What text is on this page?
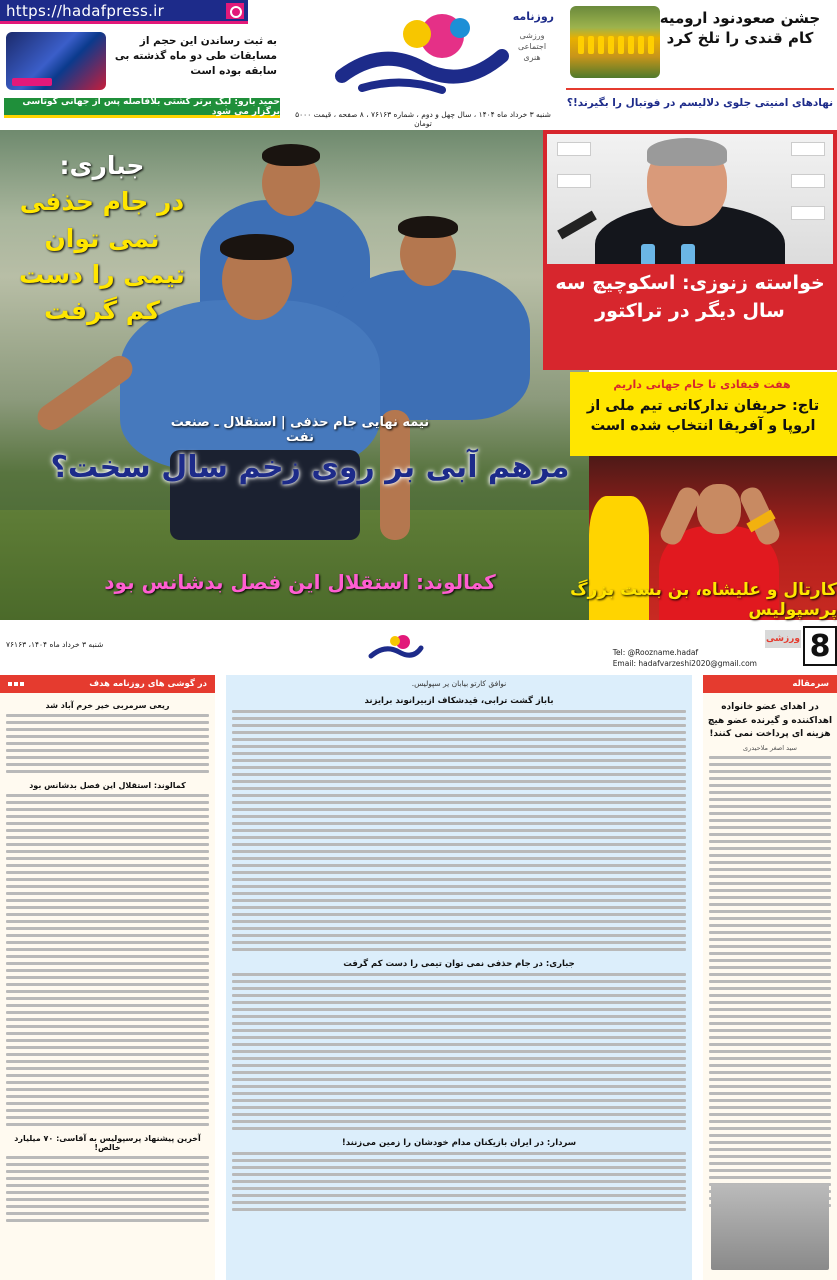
https://hadafpress.ir
به ثبت رساندن این حجم از مسابقات طی دو ماه گذشته بی سابقه بوده است
حمید بارو: لیگ برتر کشتی بلافاصله پس از جهانی کوتاسی برگزار می شود
روزنامه
ورزشی
اجتماعی هنری
شنبه ۳ خرداد ماه ۱۴۰۴ ، سال چهل و دوم ، شماره ۷۶۱۶۳ ، ۸ صفحه ، قیمت ۵۰۰۰ تومان
جشن صعودنود ارومیه کام قندی را تلخ کرد
نهادهای امنیتی جلوی دلالیسم در فوتبال را بگیرند!؟
جباری:
در جام حذفی نمی توان تیمی را دست کم گرفت
نیمه نهایی جام حذفی | استقلال ـ صنعت نفت
مرهم آبی بر روی زخم سال سخت؟
کمالوند: استقلال این فصل بدشانس بود
خواسته زنوزی: اسکوچیچ سه سال دیگر در تراکتور
هفت فیفادی تا جام جهانی داریم
تاج: حریفان تدارکاتی تیم ملی از اروپا و آفریقا انتخاب شده است
کارتال و علیشاه، بن بست بزرگ پرسپولیس
8
ورزشی
شنبه ۳ خرداد ماه ۱۴۰۴، ۷۶۱۶۳
Tel: @Roozname.hadaf
Email: hadafvarzeshi2020@gmail.com
سرمقاله
در اهدای عضو خانواده اهداکننده و گیرنده عضو هیچ هزینه ای پرداخت نمی کنند!
سید اصغر ملاحیدری
نوافق کارتو بیابان یر سپولیس.
باباز گشت ترابی، قیدشکاف ازبیرانوند برایزند
جباری: در جام حذفی نمی توان تیمی را دست کم گرفت
سردار: در ایران بازیکنان مدام خودشان را زمین می‌زنند!
در گوشی های روزنامه هدف
ریعی سرمربی خیر خرم آباد شد
کمالوند: استقلال این فصل بدشانس بود
آخرین پیشنهاد پرسپولیس به آقاسی: ۷۰ میلیارد خالص!
